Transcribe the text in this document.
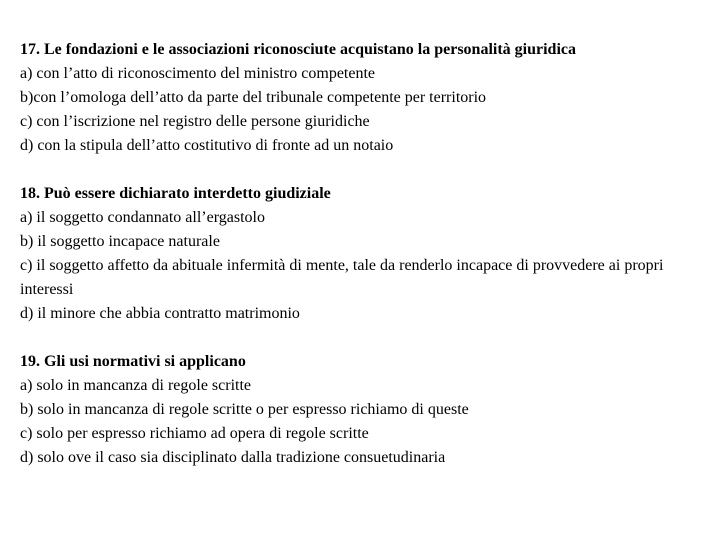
17. Le fondazioni e le associazioni riconosciute acquistano la personalità giuridica
a) con l’atto di riconoscimento del ministro competente
b)con l’omologa dell’atto da parte del tribunale competente per territorio
c) con l’iscrizione nel registro delle persone giuridiche
d) con la stipula dell’atto costitutivo di fronte ad un notaio
18. Può essere dichiarato interdetto giudiziale
a) il soggetto condannato all’ergastolo
b) il soggetto incapace naturale
c) il soggetto affetto da abituale infermità di mente, tale da renderlo incapace di provvedere ai propri interessi
d) il minore che abbia contratto matrimonio
19. Gli usi normativi si applicano
a) solo in mancanza di regole scritte
b) solo in mancanza di regole scritte o per espresso richiamo di queste
c) solo per espresso richiamo ad opera di regole scritte
d) solo ove il caso sia disciplinato dalla tradizione consuetudinaria
